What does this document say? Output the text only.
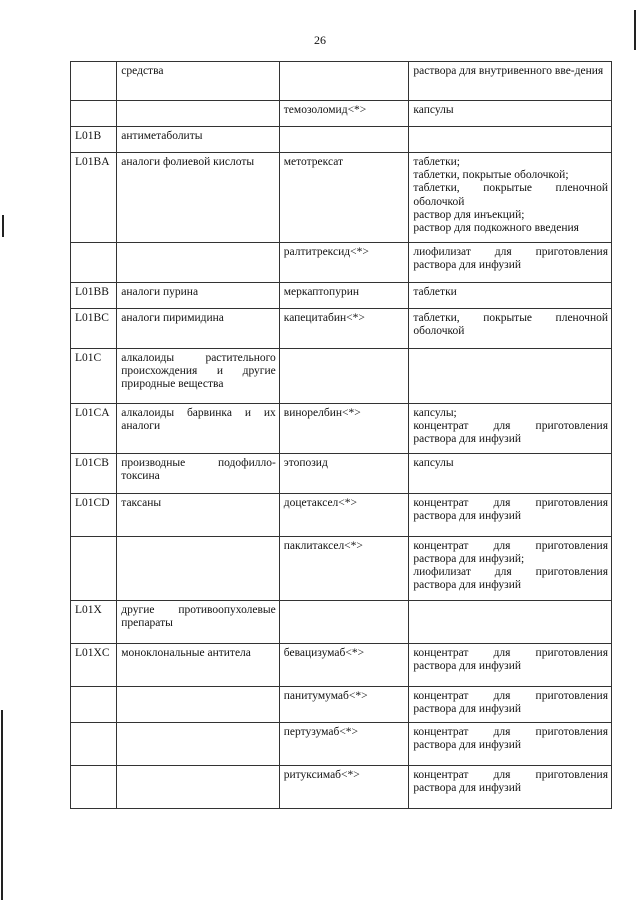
26
	средства		раствора для внутривенного вве-дения

		темозоломид<*>	капсулы

L01B	антиметаболиты		
L01BA	аналоги фолиевой кислоты	метотрексат	таблетки;
таблетки, покрытые оболочкой;
таблетки, покрытые пленочной оболочкой
раствор для инъекций;
раствор для подкожного введения

		ралтитрексид<*>	лиофилизат для приготовления раствора для инфузий

L01BB	аналоги пурина	меркаптопурин	таблетки

L01BC	аналоги пиримидина	капецитабин<*>	таблетки, покрытые пленочной оболочкой

L01C	алкалоиды растительного происхождения и другие природные вещества		
L01CA	алкалоиды барвинка и их аналоги	винорелбин<*>	капсулы;
концентрат для приготовления раствора для инфузий

L01CB	производные подофилло-токсина	этопозид	капсулы

L01CD	таксаны	доцетаксел<*>	концентрат для приготовления раствора для инфузий

		паклитаксел<*>	концентрат для приготовления раствора для инфузий;
лиофилизат для приготовления раствора для инфузий

L01X	другие противоопухолевые препараты		
L01XC	моноклональные антитела	бевацизумаб<*>	концентрат для приготовления раствора для инфузий

		панитумумаб<*>	концентрат для приготовления раствора для инфузий

		пертузумаб<*>	концентрат для приготовления раствора для инфузий

		ритуксимаб<*>	концентрат для приготовления раствора для инфузий
